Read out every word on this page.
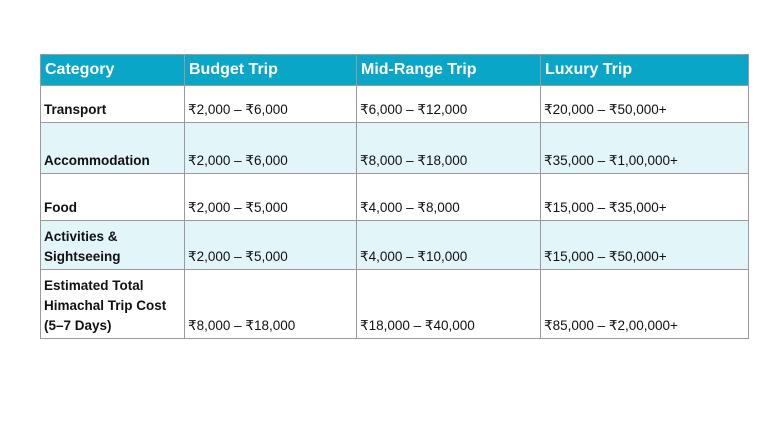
Category	Budget Trip	Mid-Range Trip	Luxury Trip
Transport	₹2,000 – ₹6,000	₹6,000 – ₹12,000	₹20,000 – ₹50,000+
Accommodation	₹2,000 – ₹6,000	₹8,000 – ₹18,000	₹35,000 – ₹1,00,000+
Food	₹2,000 – ₹5,000	₹4,000 – ₹8,000	₹15,000 – ₹35,000+
Activities &
Sightseeing	₹2,000 – ₹5,000	₹4,000 – ₹10,000	₹15,000 – ₹50,000+
Estimated Total
Himachal Trip Cost
(5–7 Days)	₹8,000 – ₹18,000	₹18,000 – ₹40,000	₹85,000 – ₹2,00,000+
